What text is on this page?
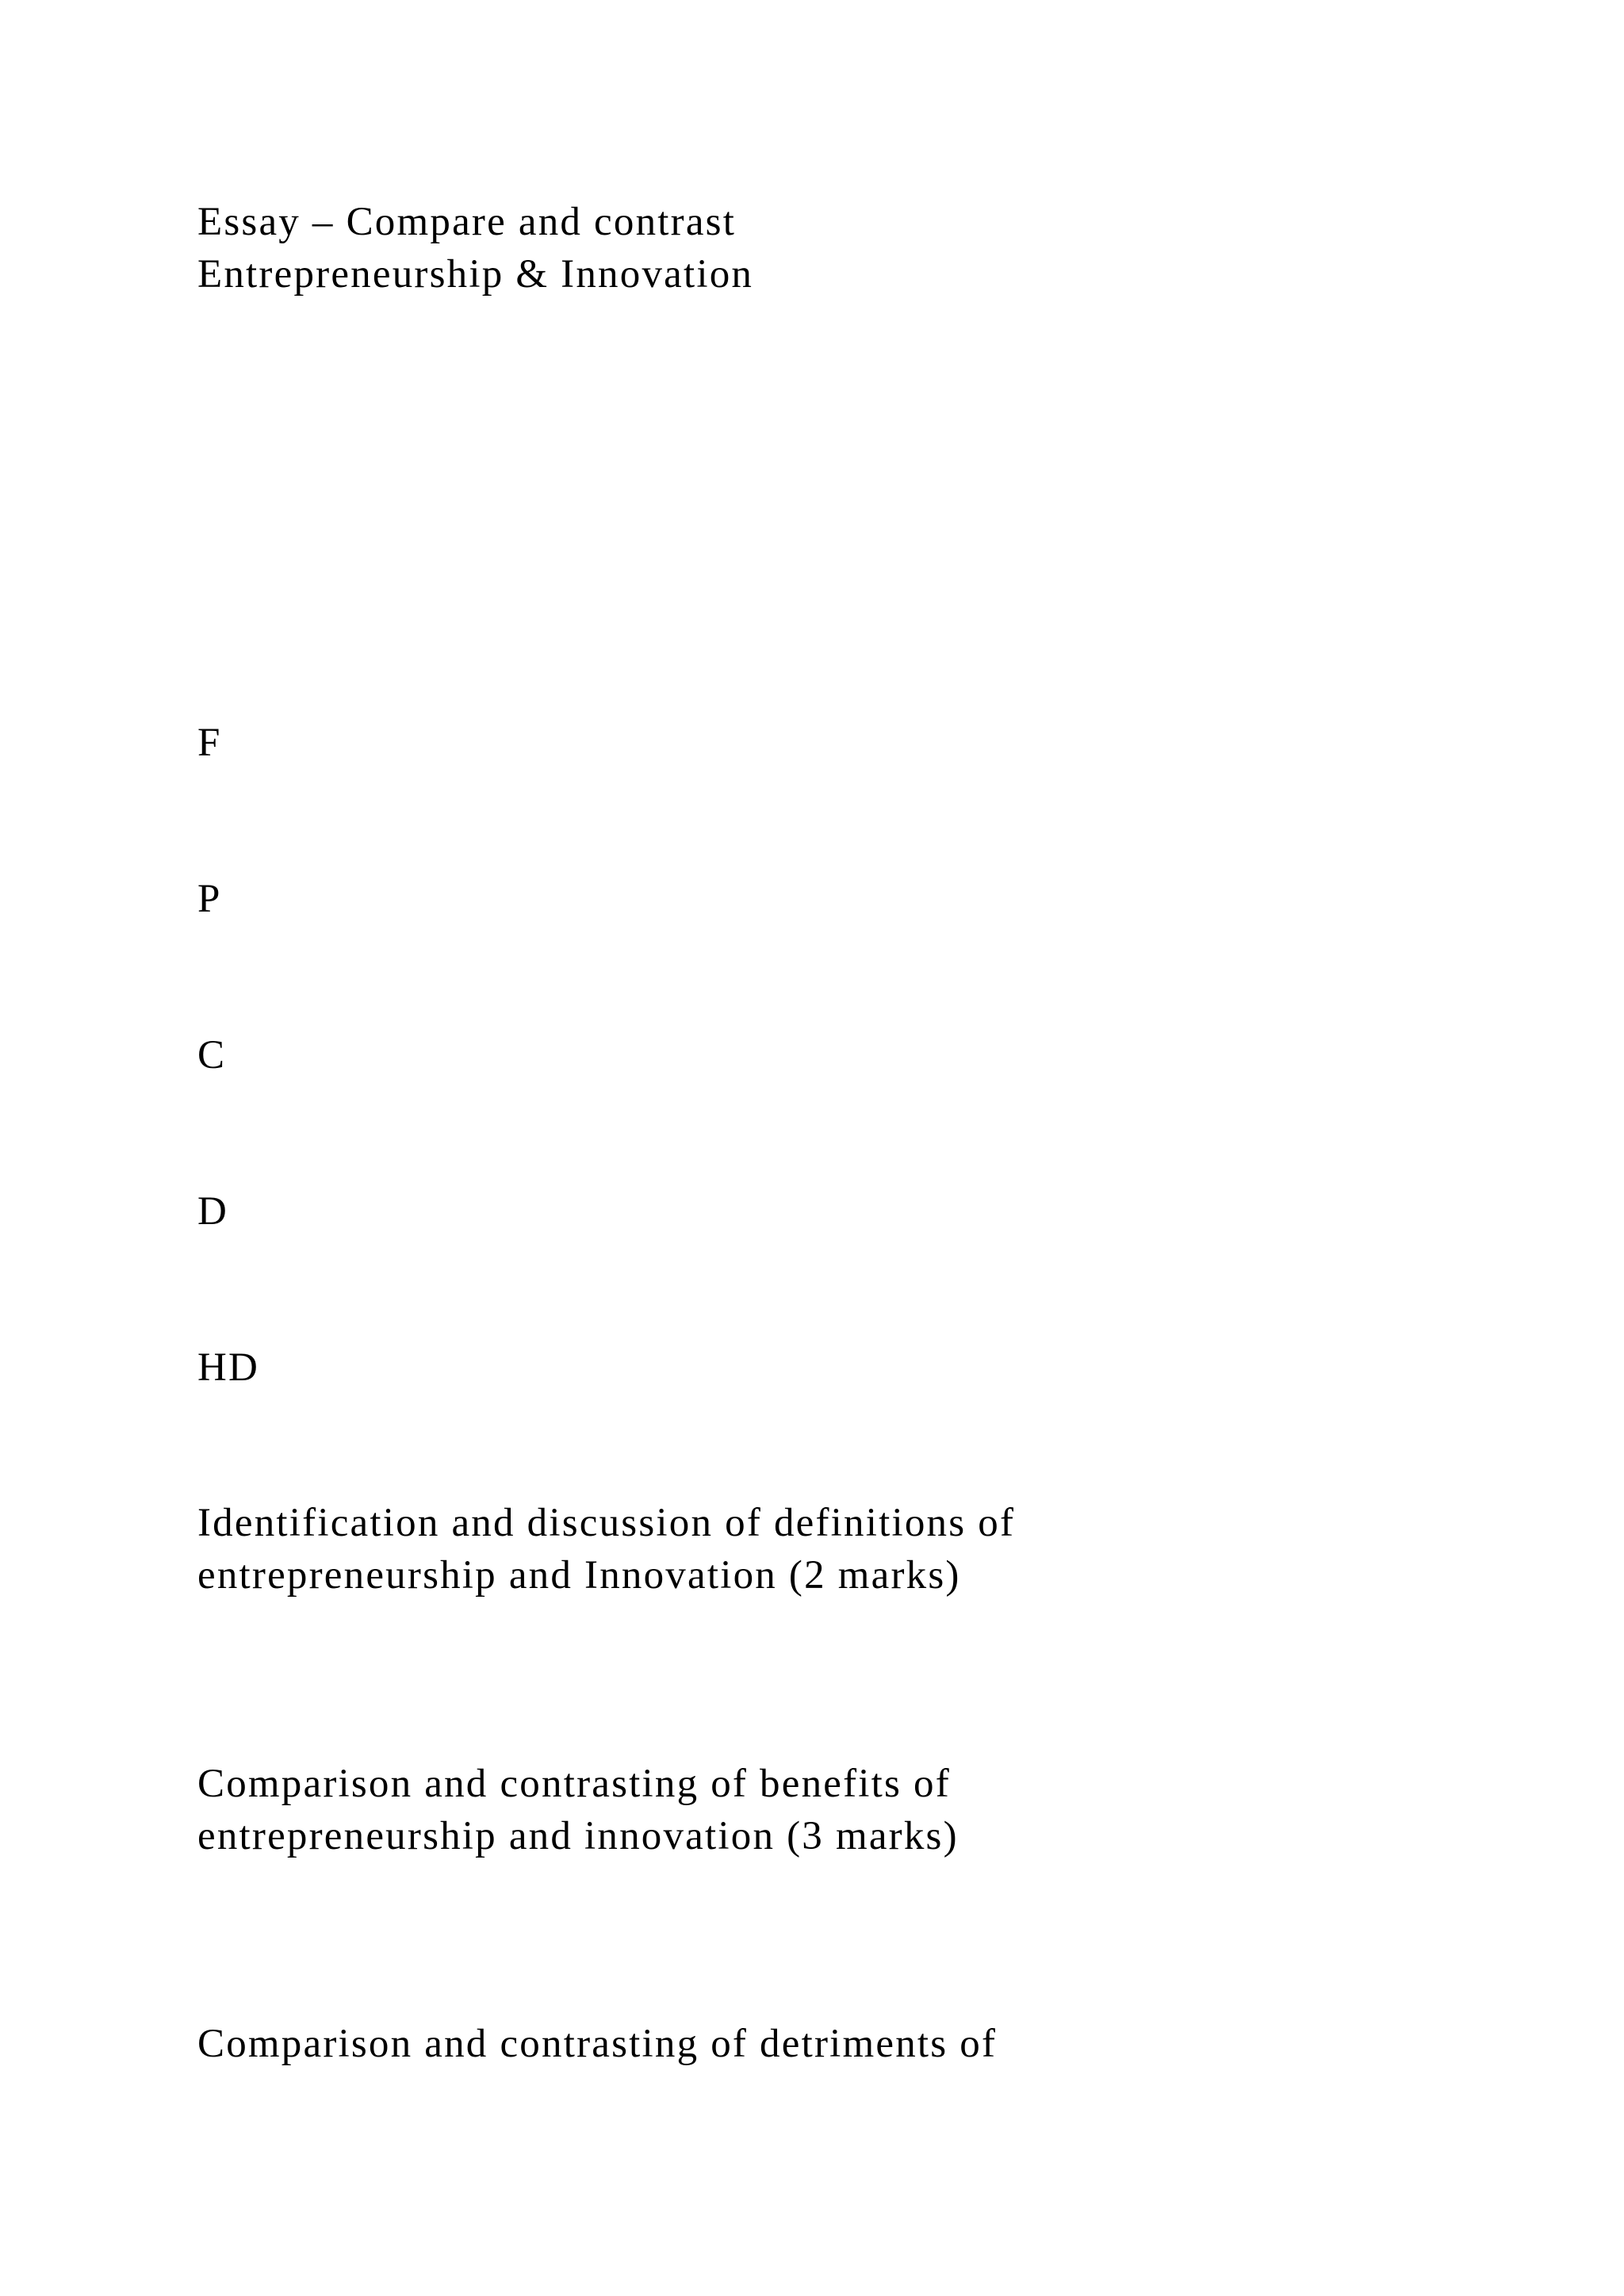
Essay – Compare and contrast
Entrepreneurship & Innovation

F

P

C

D

HD

Identification and discussion of definitions of
entrepreneurship and Innovation (2 marks)
Comparison and contrasting of benefits of
entrepreneurship and innovation (3 marks)
Comparison and contrasting of detriments of
